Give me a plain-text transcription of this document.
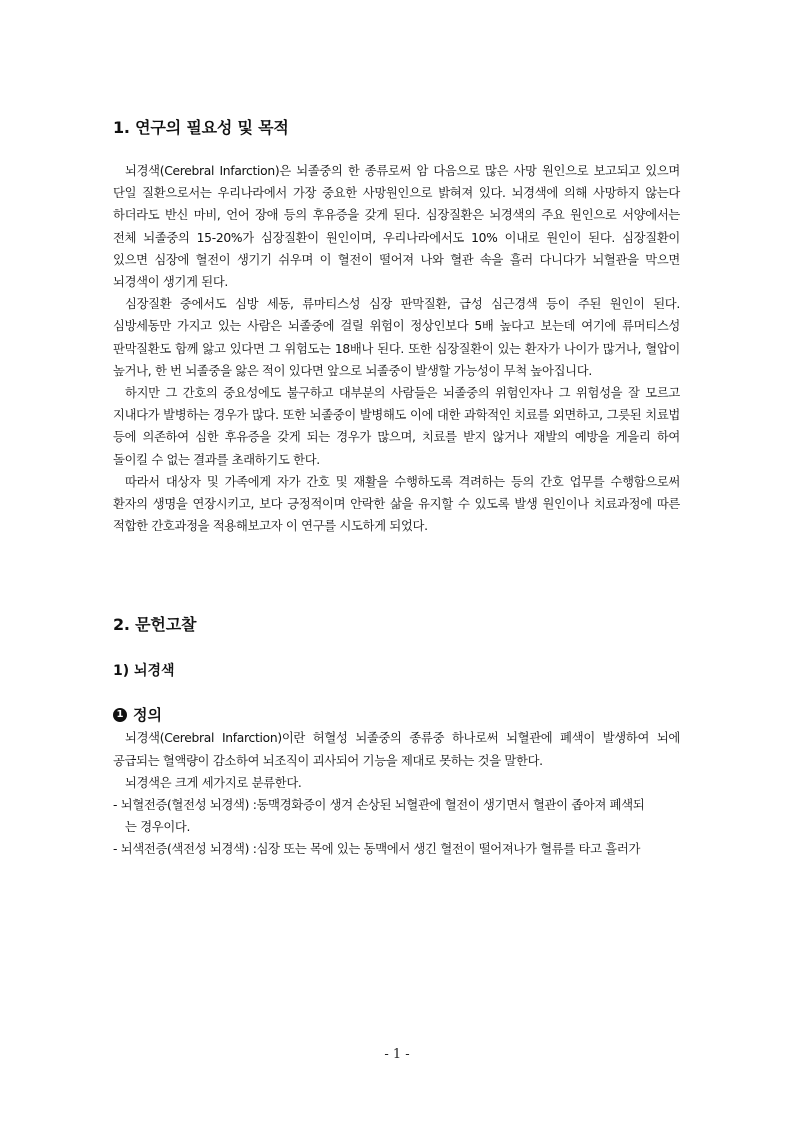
1. 연구의 필요성 및 목적

뇌경색(Cerebral Infarction)은 뇌졸중의 한 종류로써 암 다음으로 많은 사망 원인으로 보고되고 있으며 단일 질환으로서는 우리나라에서 가장 중요한 사망원인으로 밝혀져 있다. 뇌경색에 의해 사망하지 않는다 하더라도 반신 마비, 언어 장애 등의 후유증을 갖게 된다. 심장질환은 뇌경색의 주요 원인으로 서양에서는 전체 뇌졸중의 15-20%가 심장질환이 원인이며, 우리나라에서도 10% 이내로 원인이 된다. 심장질환이 있으면 심장에 혈전이 생기기 쉬우며 이 혈전이 떨어져 나와 혈관 속을 흘러 다니다가 뇌혈관을 막으면 뇌경색이 생기게 된다.

심장질환 중에서도 심방 세동, 류마티스성 심장 판막질환, 급성 심근경색 등이 주된 원인이 된다. 심방세동만 가지고 있는 사람은 뇌졸중에 걸릴 위험이 정상인보다 5배 높다고 보는데 여기에 류머티스성 판막질환도 함께 앓고 있다면 그 위험도는 18배나 된다. 또한 심장질환이 있는 환자가 나이가 많거나, 혈압이 높거나, 한 번 뇌졸중을 앓은 적이 있다면 앞으로 뇌졸중이 발생할 가능성이 무척 높아집니다.

하지만 그 간호의 중요성에도 불구하고 대부분의 사람들은 뇌졸중의 위험인자나 그 위험성을 잘 모르고 지내다가 발병하는 경우가 많다. 또한 뇌졸중이 발병해도 이에 대한 과학적인 치료를 외면하고, 그릇된 치료법 등에 의존하여 심한 후유증을 갖게 되는 경우가 많으며, 치료를 받지 않거나 재발의 예방을 게을리 하여 돌이킬 수 없는 결과를 초래하기도 한다.

따라서 대상자 및 가족에게 자가 간호 및 재활을 수행하도록 격려하는 등의 간호 업무를 수행함으로써 환자의 생명을 연장시키고, 보다 긍정적이며 안락한 삶을 유지할 수 있도록 발생 원인이나 치료과정에 따른 적합한 간호과정을 적용해보고자 이 연구를 시도하게 되었다.

2. 문헌고찰
1) 뇌경색
1 정의

뇌경색(Cerebral Infarction)이란 허혈성 뇌졸중의 종류중 하나로써 뇌혈관에 폐색이 발생하여 뇌에 공급되는 혈액량이 감소하여 뇌조직이 괴사되어 기능을 제대로 못하는 것을 말한다.

뇌경색은 크게 세가지로 분류한다.

- 뇌혈전증(혈전성 뇌경색) :동맥경화증이 생겨 손상된 뇌혈관에 혈전이 생기면서 혈관이 좁아져 폐색되

는 경우이다.

- 뇌색전증(색전성 뇌경색) :심장 또는 목에 있는 동맥에서 생긴 혈전이 떨어져나가 혈류를 타고 흘러가

- 1 -
